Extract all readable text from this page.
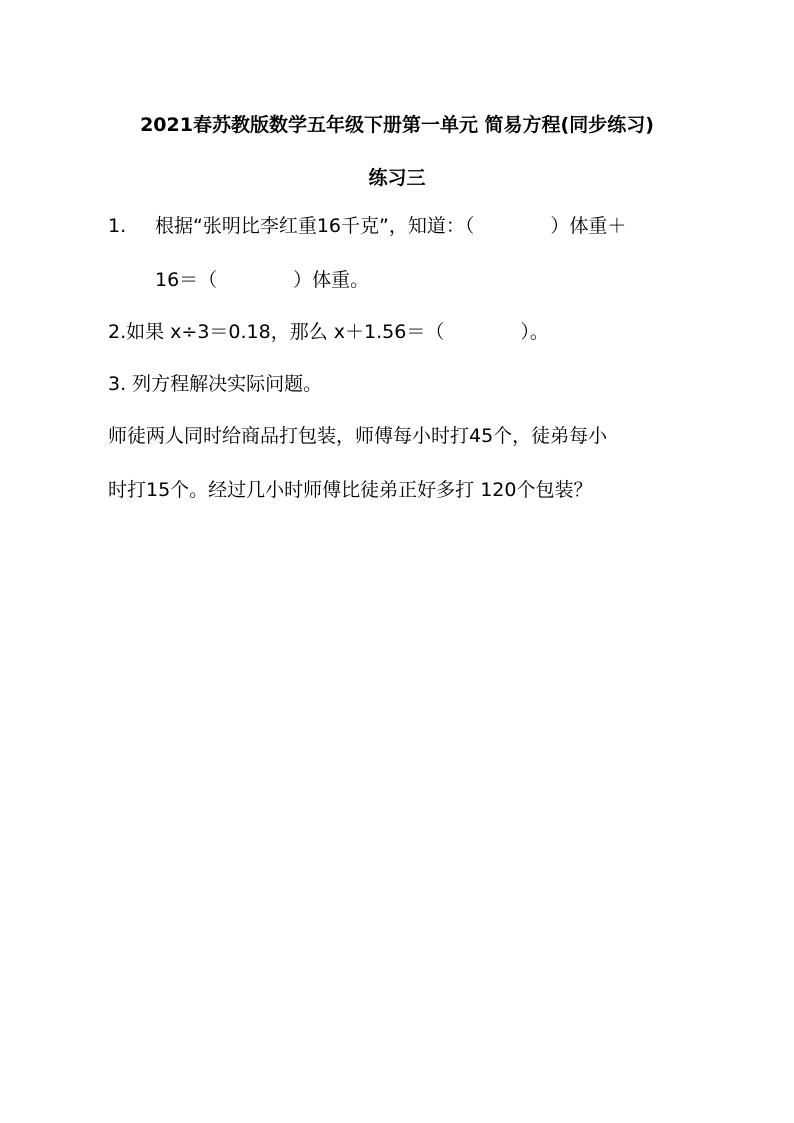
2021春苏教版数学五年级下册第一单元 简易方程(同步练习)
练习三
1. 根据“张明比李红重16千克”，知道：（　　　　）体重＋
16＝（　　　　）体重。
2.如果 x÷3＝0.18，那么 x＋1.56＝（　　　　）。
3. 列方程解决实际问题。
师徒两人同时给商品打包装，师傅每小时打45个，徒弟每小
时打15个。经过几小时师傅比徒弟正好多打 120个包装？
